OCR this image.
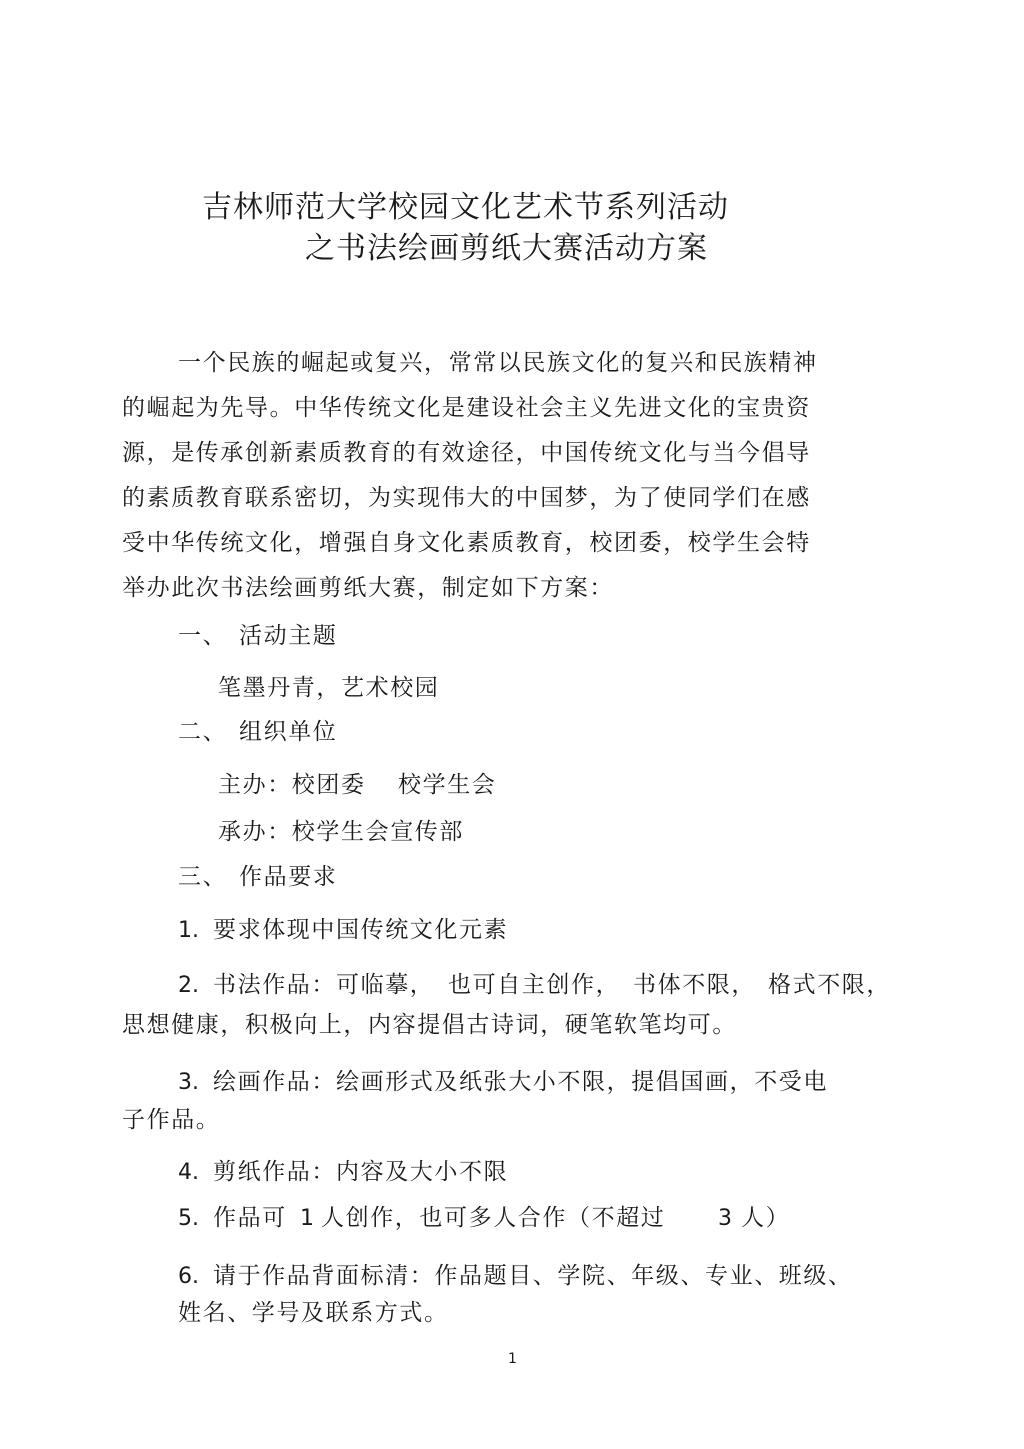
吉林师范大学校园文化艺术节系列活动
之书法绘画剪纸大赛活动方案
一个民族的崛起或复兴，常常以民族文化的复兴和民族精神
的崛起为先导。中华传统文化是建设社会主义先进文化的宝贵资
源，是传承创新素质教育的有效途径，中国传统文化与当今倡导
的素质教育联系密切，为实现伟大的中国梦，为了使同学们在感
受中华传统文化，增强自身文化素质教育，校团委，校学生会特
举办此次书法绘画剪纸大赛，制定如下方案：
一、 活动主题
笔墨丹青，艺术校园
二、 组织单位
主办：校团委 校学生会
承办：校学生会宣传部
三、 作品要求
1. 要求体现中国传统文化元素
2. 书法作品：可临摹， 也可自主创作， 书体不限， 格式不限，
思想健康，积极向上，内容提倡古诗词，硬笔软笔均可。
3. 绘画作品：绘画形式及纸张大小不限，提倡国画，不受电
子作品。
4. 剪纸作品：内容及大小不限
5. 作品可 1 人创作，也可多人合作（不超过 3 人）
6. 请于作品背面标清：作品题目、学院、年级、专业、班级、
姓名、学号及联系方式。
1
